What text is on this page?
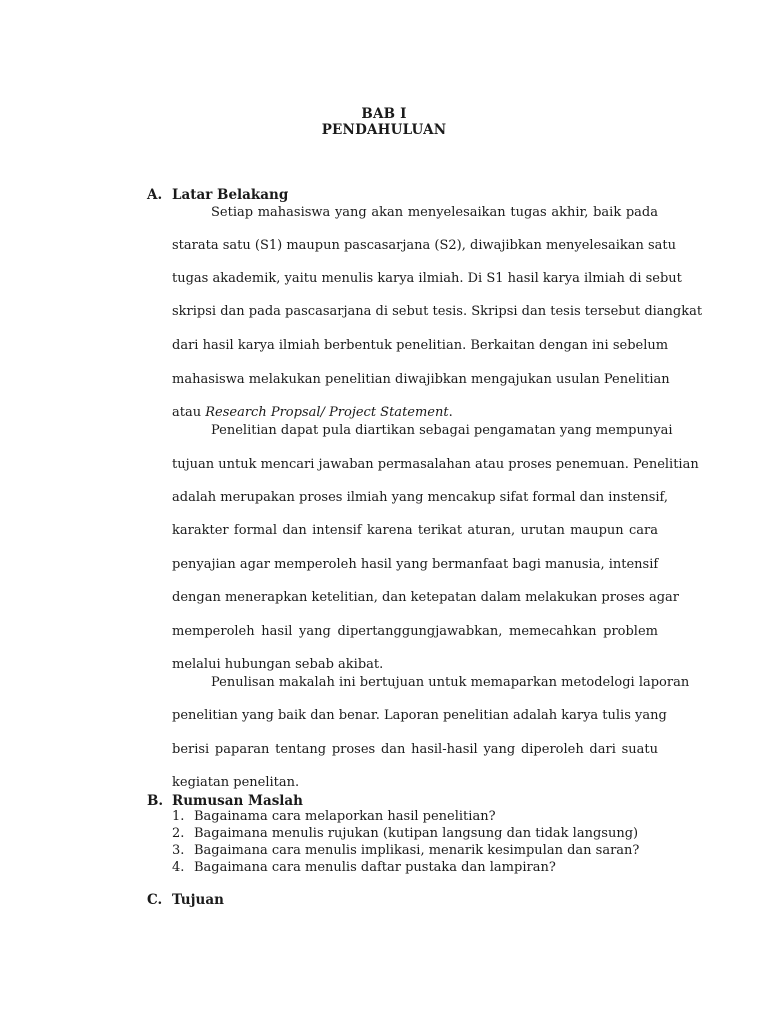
BAB I
PENDAHULUAN
A. Latar Belakang
Setiap mahasiswa yang akan menyelesaikan tugas akhir, baik pada
starata satu (S1) maupun pascasarjana (S2), diwajibkan menyelesaikan satu
tugas akademik, yaitu menulis karya ilmiah. Di S1 hasil karya ilmiah di sebut
skripsi dan pada pascasarjana di sebut tesis. Skripsi dan tesis tersebut diangkat
dari hasil karya ilmiah berbentuk penelitian. Berkaitan dengan ini sebelum
mahasiswa melakukan penelitian diwajibkan mengajukan usulan Penelitian
atau Research Propsal/ Project Statement.
Penelitian dapat pula diartikan sebagai pengamatan yang mempunyai
tujuan untuk mencari jawaban permasalahan atau proses penemuan. Penelitian
adalah merupakan proses ilmiah yang mencakup sifat formal dan instensif,
karakter formal dan intensif karena terikat aturan, urutan maupun cara
penyajian agar memperoleh hasil yang bermanfaat bagi manusia, intensif
dengan menerapkan ketelitian, dan ketepatan dalam melakukan proses agar
memperoleh hasil yang dipertanggungjawabkan, memecahkan problem
melalui hubungan sebab akibat.
Penulisan makalah ini bertujuan untuk memaparkan metodelogi laporan
penelitian yang baik dan benar. Laporan penelitian adalah karya tulis yang
berisi paparan tentang proses dan hasil-hasil yang diperoleh dari suatu
kegiatan penelitan.
B. Rumusan Maslah
1. Bagainama cara melaporkan hasil penelitian?
2. Bagaimana menulis rujukan (kutipan langsung dan tidak langsung)
3. Bagaimana cara menulis implikasi, menarik kesimpulan dan saran?
4. Bagaimana cara menulis daftar pustaka dan lampiran?
C. Tujuan
